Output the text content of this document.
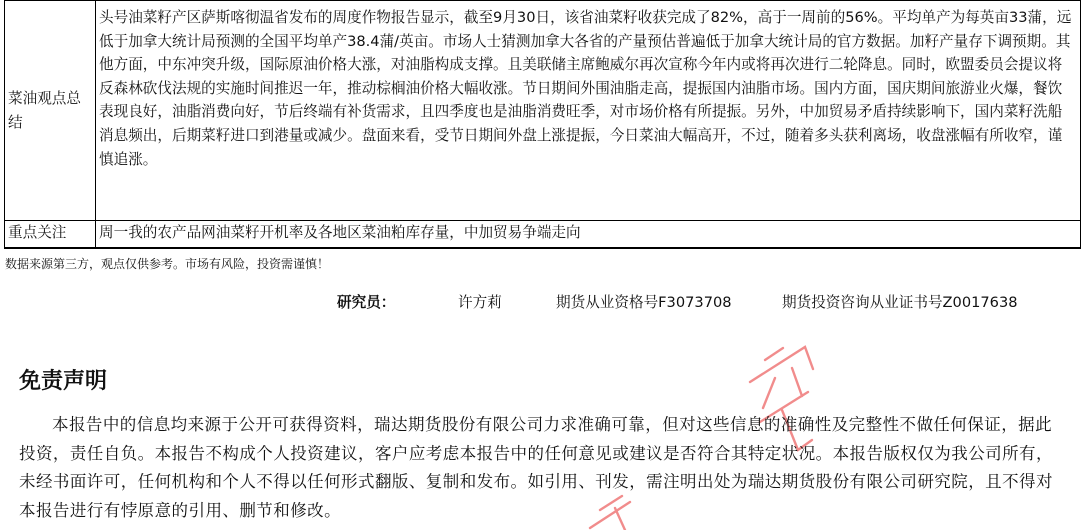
菜油观点总结	头号油菜籽产区萨斯喀彻温省发布的周度作物报告显示，截至9月30日，该省油菜籽收获完成了82%，高于一周前的56%。平均单产为每英亩33蒲，远低于加拿大统计局预测的全国平均单产38.4蒲/英亩。市场人士猜测加拿大各省的产量预估普遍低于加拿大统计局的官方数据。加籽产量存下调预期。其他方面，中东冲突升级，国际原油价格大涨，对油脂构成支撑。且美联储主席鲍威尔再次宣称今年内或将再次进行二轮降息。同时，欧盟委员会提议将反森林砍伐法规的实施时间推迟一年，推动棕榈油价格大幅收涨。节日期间外围油脂走高，提振国内油脂市场。国内方面，国庆期间旅游业火爆，餐饮表现良好，油脂消费向好，节后终端有补货需求，且四季度也是油脂消费旺季，对市场价格有所提振。另外，中加贸易矛盾持续影响下，国内菜籽洗船消息频出，后期菜籽进口到港量或减少。盘面来看，受节日期间外盘上涨提振，今日菜油大幅高开，不过，随着多头获利离场，收盘涨幅有所收窄，谨慎追涨。
重点关注	周一我的农产品网油菜籽开机率及各地区菜油粕库存量，中加贸易争端走向
数据来源第三方，观点仅供参考。市场有风险，投资需谨慎！
研究员：	许方莉	期货从业资格号F3073708	期货投资咨询从业证书号Z0017638
免责声明

本报告中的信息均来源于公开可获得资料，瑞达期货股份有限公司力求准确可靠，但对这些信息的准确性及完整性不做任何保证，据此投资，责任自负。本报告不构成个人投资建议，客户应考虑本报告中的任何意见或建议是否符合其特定状况。本报告版权仅为我公司所有，未经书面许可，任何机构和个人不得以任何形式翻版、复制和发布。如引用、刊发，需注明出处为瑞达期货股份有限公司研究院，且不得对本报告进行有悖原意的引用、删节和修改。
